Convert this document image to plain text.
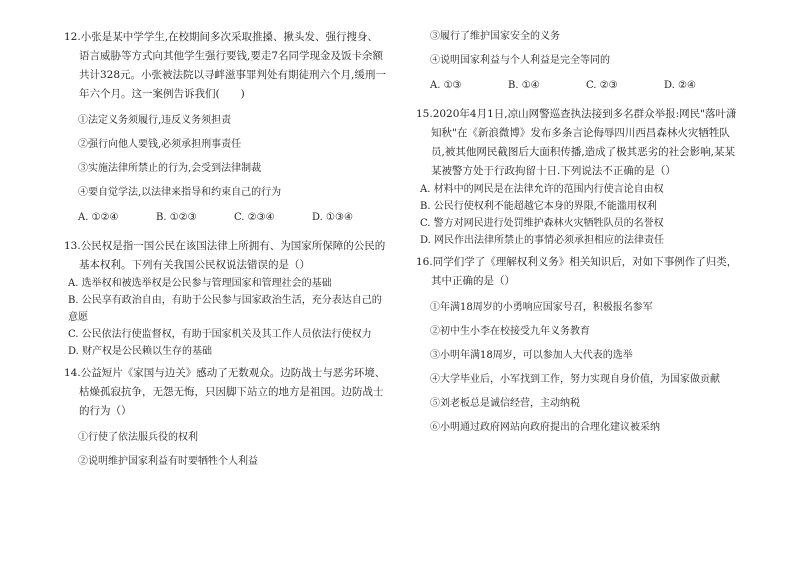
12.小张是某中学学生,在校期间多次采取推搡、揪头发、强行搜身、语言威胁等方式向其他学生强行要钱,要走7名同学现金及饭卡余额共计328元。小张被法院以寻衅滋事罪判处有期徒刑六个月,缓刑一年六个月。这一案例告诉我们(　　)
①法定义务须履行,违反义务须担责
②强行向他人要钱,必须承担刑事责任
③实施法律所禁止的行为,会受到法律制裁
④要自觉学法,以法律来指导和约束自己的行为
A. ①②④	B. ①②③	C. ②③④	D. ①③④
13.公民权是指一国公民在该国法律上所拥有、为国家所保障的公民的基本权利。下列有关我国公民权说法错误的是（）
A. 选举权和被选举权是公民参与管理国家和管理社会的基础
B. 公民享有政治自由，有助于公民参与国家政治生活，充分表达自己的意愿
C. 公民依法行使监督权，有助于国家机关及其工作人员依法行使权力
D. 财产权是公民赖以生存的基础
14.公益短片《家国与边关》感动了无数观众。边防战士与恶劣环境、枯燥孤寂抗争，无怨无悔，只因脚下站立的地方是祖国。边防战士的行为（）
①行使了依法服兵役的权利
②说明维护国家利益有时要牺牲个人利益
③履行了维护国家安全的义务
④说明国家利益与个人利益是完全等同的
A. ①③	B. ①④	C. ②③	D. ②④
15.2020年4月1日,凉山网警巡查执法接到多名群众举报:网民"落叶潇知秋"在《新浪微博》发布多条言论侮辱四川西昌森林火灾牺牲队员,被其他网民截图后大面积传播,造成了极其恶劣的社会影响,某某某被警方处于行政拘留十日.下列说法不正确的是（）
A. 材料中的网民是在法律允许的范围内行使言论自由权
B. 公民行使权利不能超越它本身的界限,不能滥用权利
C. 警方对网民进行处罚维护森林火灾牺牲队员的名誉权
D. 网民作出法律所禁止的事情必须承担相应的法律责任
16.同学们学了《理解权利义务》相关知识后，对如下事例作了归类，其中正确的是（）
①年满18周岁的小勇响应国家号召，积极报名参军
②初中生小李在校接受九年义务教育
③小明年满18周岁，可以参加人大代表的选举
④大学毕业后，小军找到工作，努力实现自身价值，为国家做贡献
⑤刘老板总是诚信经营，主动纳税
⑥小明通过政府网站向政府提出的合理化建议被采纳
